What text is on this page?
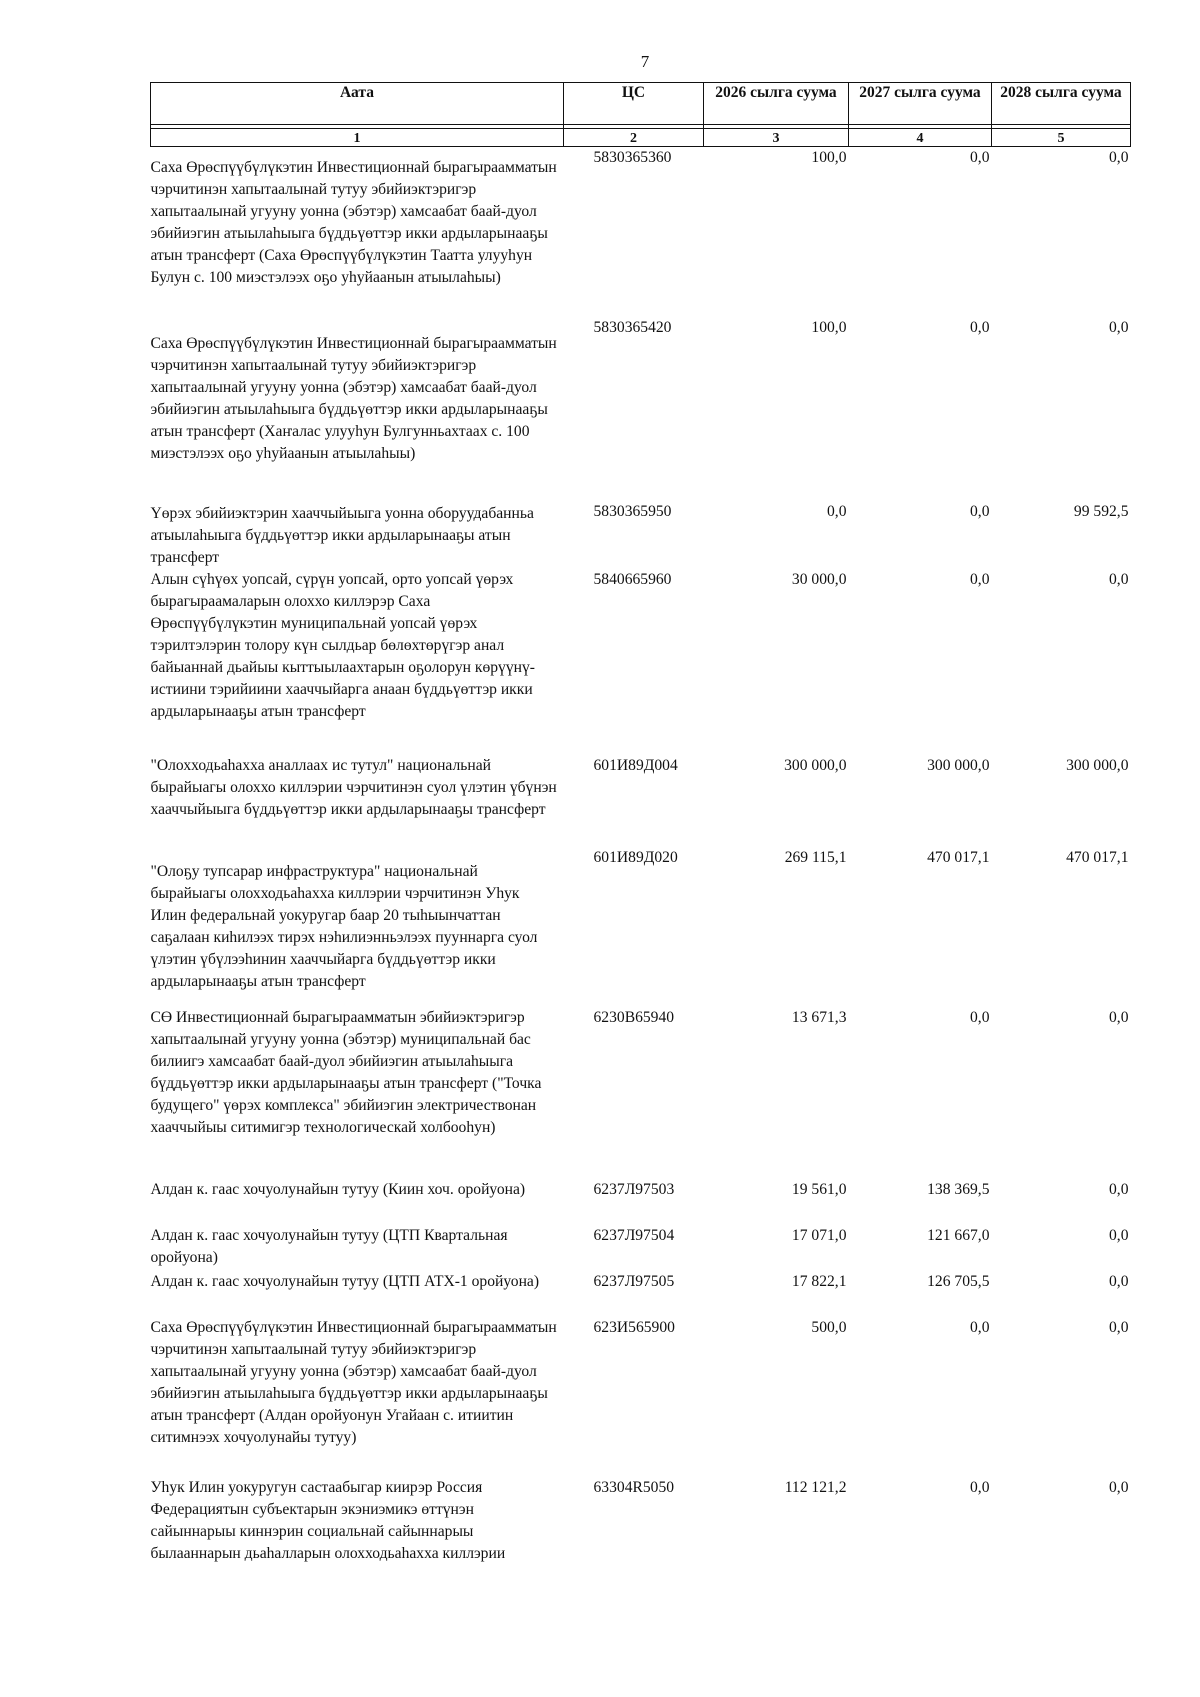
7
Аата	ЦС	2026 сылга суума	2027 сылга суума	2028 сылга суума

1	2	3	4	5

Саха Өрөспүүбүлүкэтин Инвестиционнай бырагыраамматын чэрчитинэн хапытаалынай тутуу эбийиэктэригэр хапытаалынай угууну уонна (эбэтэр) хамсаабат баай-дуол эбийиэгин атыылаһыыга бүддьүөттэр икки ардыларынааҕы атын трансферт (Саха Өрөспүүбүлүкэтин Таатта улууһун Булун с. 100 миэстэлээх оҕо уһуйаанын атыылаһыы)	5830365360	100,0	0,0	0,0

Саха Өрөспүүбүлүкэтин Инвестиционнай бырагыраамматын чэрчитинэн хапытаалынай тутуу эбийиэктэригэр хапытаалынай угууну уонна (эбэтэр) хамсаабат баай-дуол эбийиэгин атыылаһыыга бүддьүөттэр икки ардыларынааҕы атын трансферт (Хаҥалас улууһун Булгунньахтаах с. 100 миэстэлээх оҕо уһуйаанын атыылаһыы)	5830365420	100,0	0,0	0,0

Үөрэх эбийиэктэрин хааччыйыыга уонна оборуудабанньа атыылаһыыга бүддьүөттэр икки ардыларынааҕы атын трансферт	5830365950	0,0	0,0	99 592,5

Алын сүһүөх уопсай, сүрүн уопсай, орто уопсай үөрэх бырагыраамаларын олоххо киллэрэр Саха Өрөспүүбүлүкэтин муниципальнай уопсай үөрэх тэрилтэлэрин толору күн сылдьар бөлөхтөрүгэр анал байыаннай дьайыы кыттыылаахтарын оҕолорун көрүүнү-истиини тэрийиини хааччыйарга анаан бүддьүөттэр икки ардыларынааҕы атын трансферт	5840665960	30 000,0	0,0	0,0

"Олохходьаһахха аналлаах ис тутул" национальнай бырайыагы олоххо киллэрии чэрчитинэн суол үлэтин үбүнэн хааччыйыыга бүддьүөттэр икки ардыларынааҕы трансферт	601И89Д004	300 000,0	300 000,0	300 000,0

"Олоҕу тупсарар инфраструктура" национальнай бырайыагы олохходьаһахха киллэрии чэрчитинэн Уһук Илин федеральнай уокуругар баар 20 тыһыынчаттан саҕалаан киһилээх тирэх нэһилиэнньэлээх пууннарга суол үлэтин үбүлээһинин хааччыйарга бүддьүөттэр икки ардыларынааҕы атын трансферт	601И89Д020	269 115,1	470 017,1	470 017,1

СӨ Инвестиционнай бырагыраамматын эбийиэктэригэр хапытаалынай угууну уонна (эбэтэр) муниципальнай бас билиигэ хамсаабат баай-дуол эбийиэгин атыылаһыыга бүддьүөттэр икки ардыларынааҕы атын трансферт ("Точка будущего" үөрэх комплекса" эбийиэгин электричествонан хааччыйыы ситимигэр технологическай холбооһун)	6230В65940	13 671,3	0,0	0,0

Алдан к. гаас хочуолунайын тутуу (Киин хоч. оройуона)	6237Л97503	19 561,0	138 369,5	0,0

Алдан к. гаас хочуолунайын тутуу (ЦТП Квартальная оройуона)	6237Л97504	17 071,0	121 667,0	0,0

Алдан к. гаас хочуолунайын тутуу (ЦТП АТХ-1 оройуона)	6237Л97505	17 822,1	126 705,5	0,0

Саха Өрөспүүбүлүкэтин Инвестиционнай бырагыраамматын чэрчитинэн хапытаалынай тутуу эбийиэктэригэр хапытаалынай угууну уонна (эбэтэр) хамсаабат баай-дуол эбийиэгин атыылаһыыга бүддьүөттэр икки ардыларынааҕы атын трансферт (Алдан оройуонун Угайаан с. итиитин ситимнээх хочуолунайы тутуу)	623И565900	500,0	0,0	0,0

Уһук Илин уокуругун састаабыгар киирэр Россия Федерациятын субъектарын экэниэмикэ өттүнэн сайыннарыы киннэрин социальнай сайыннарыы былааннарын дьаһалларын олохходьаһахха киллэрии	63304R5050	112 121,2	0,0	0,0
